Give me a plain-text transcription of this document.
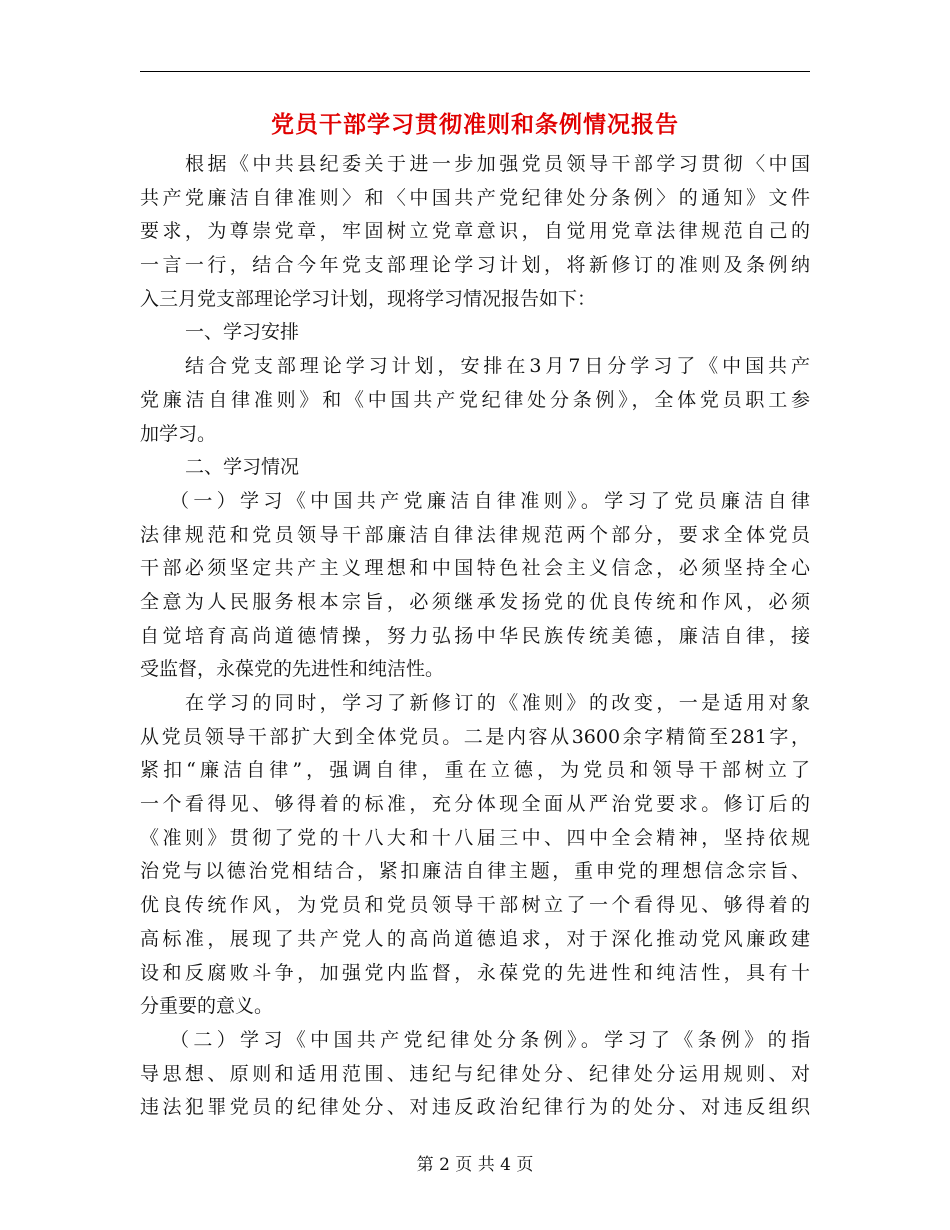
党员干部学习贯彻准则和条例情况报告
根据《中共县纪委关于进一步加强党员领导干部学习贯彻〈中国
共产党廉洁自律准则〉和〈中国共产党纪律处分条例〉的通知》文件
要求，为尊崇党章，牢固树立党章意识，自觉用党章法律规范自己的
一言一行，结合今年党支部理论学习计划，将新修订的准则及条例纳
入三月党支部理论学习计划，现将学习情况报告如下：
一、学习安排
结合党支部理论学习计划，安排在3月7日分学习了《中国共产
党廉洁自律准则》和《中国共产党纪律处分条例》，全体党员职工参
加学习。
二、学习情况
（一）学习《中国共产党廉洁自律准则》。学习了党员廉洁自律
法律规范和党员领导干部廉洁自律法律规范两个部分，要求全体党员
干部必须坚定共产主义理想和中国特色社会主义信念，必须坚持全心
全意为人民服务根本宗旨，必须继承发扬党的优良传统和作风，必须
自觉培育高尚道德情操，努力弘扬中华民族传统美德，廉洁自律，接
受监督，永葆党的先进性和纯洁性。
在学习的同时，学习了新修订的《准则》的改变，一是适用对象
从党员领导干部扩大到全体党员。二是内容从3600余字精简至281字，
紧扣“廉洁自律”，强调自律，重在立德，为党员和领导干部树立了
一个看得见、够得着的标准，充分体现全面从严治党要求。修订后的
《准则》贯彻了党的十八大和十八届三中、四中全会精神，坚持依规
治党与以德治党相结合，紧扣廉洁自律主题，重申党的理想信念宗旨、
优良传统作风，为党员和党员领导干部树立了一个看得见、够得着的
高标准，展现了共产党人的高尚道德追求，对于深化推动党风廉政建
设和反腐败斗争，加强党内监督，永葆党的先进性和纯洁性，具有十
分重要的意义。
（二）学习《中国共产党纪律处分条例》。学习了《条例》的指
导思想、原则和适用范围、违纪与纪律处分、纪律处分运用规则、对
违法犯罪党员的纪律处分、对违反政治纪律行为的处分、对违反组织
第 2 页 共 4 页
